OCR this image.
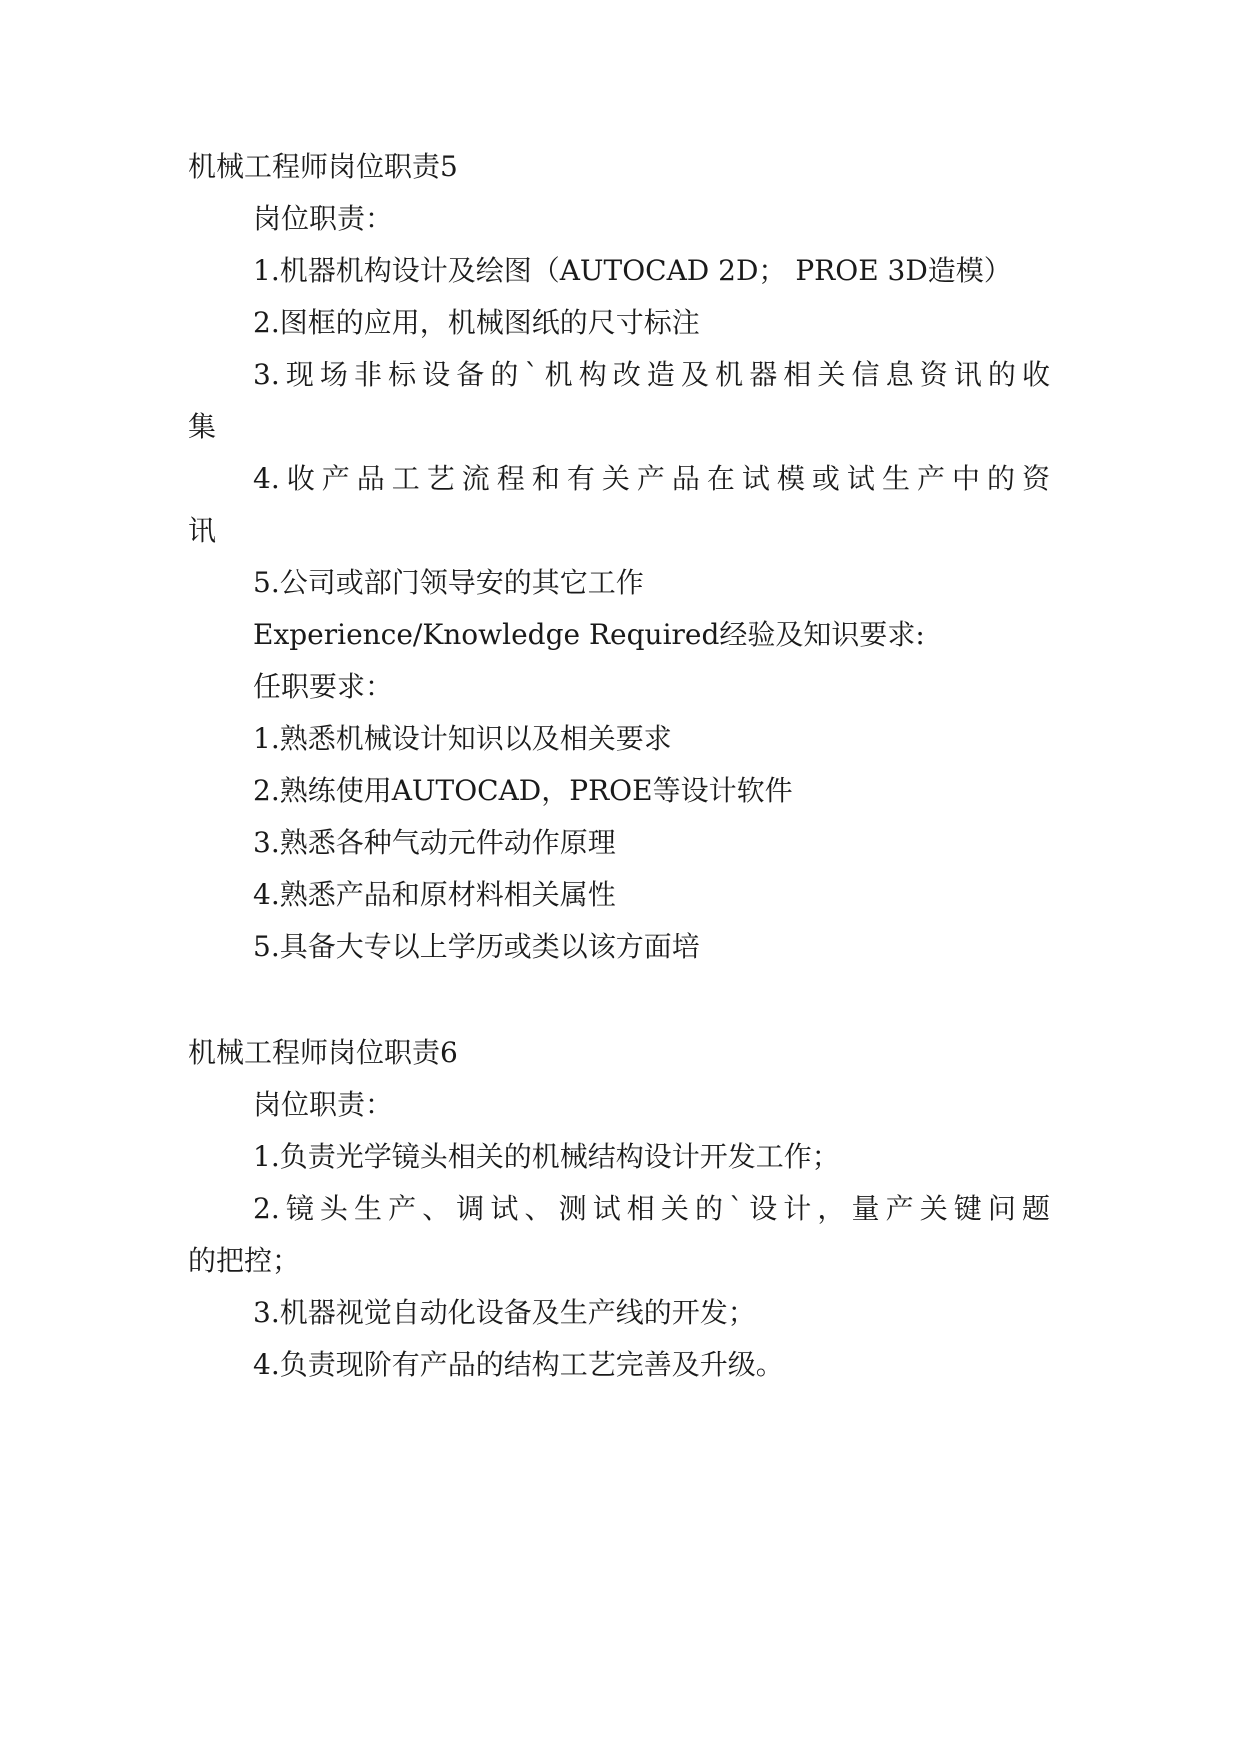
机械工程师岗位职责5
岗位职责：
1.机器机构设计及绘图（AUTOCAD 2D； PROE 3D造模）
2.图框的应用，机械图纸的尺寸标注
3.现场非标设备的`机构改造及机器相关信息资讯的收
集
4.收产品工艺流程和有关产品在试模或试生产中的资
讯
5.公司或部门领导安的其它工作
Experience/Knowledge Required经验及知识要求:
任职要求：
1.熟悉机械设计知识以及相关要求
2.熟练使用AUTOCAD，PROE等设计软件
3.熟悉各种气动元件动作原理
4.熟悉产品和原材料相关属性
5.具备大专以上学历或类以该方面培
机械工程师岗位职责6
岗位职责：
1.负责光学镜头相关的机械结构设计开发工作；
2.镜头生产、调试、测试相关的`设计，量产关键问题
的把控；
3.机器视觉自动化设备及生产线的开发；
4.负责现阶有产品的结构工艺完善及升级。
